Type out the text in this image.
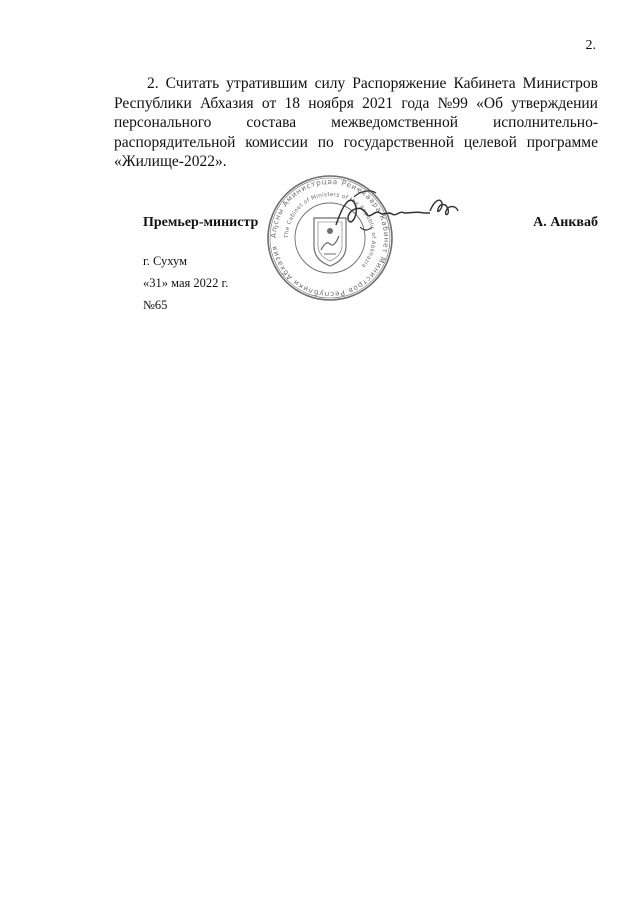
2.
2. Считать утратившим силу Распоряжение Кабинета Министров
Республики Абхазия от 18 ноября 2021 года №99 «Об утверждении
персонального состава межведомственной исполнительно-
распорядительной комиссии по государственной целевой программе
«Жилище-2022».
Аҧсны Аминистрцәа Реиҿкаара Кабинет Министров Республики Абхазия
The Cabinet of Ministers of the Republic of Abkhazia
Премьер-министр	А. Анкваб
г. Сухум
«31» мая 2022 г.
№65
